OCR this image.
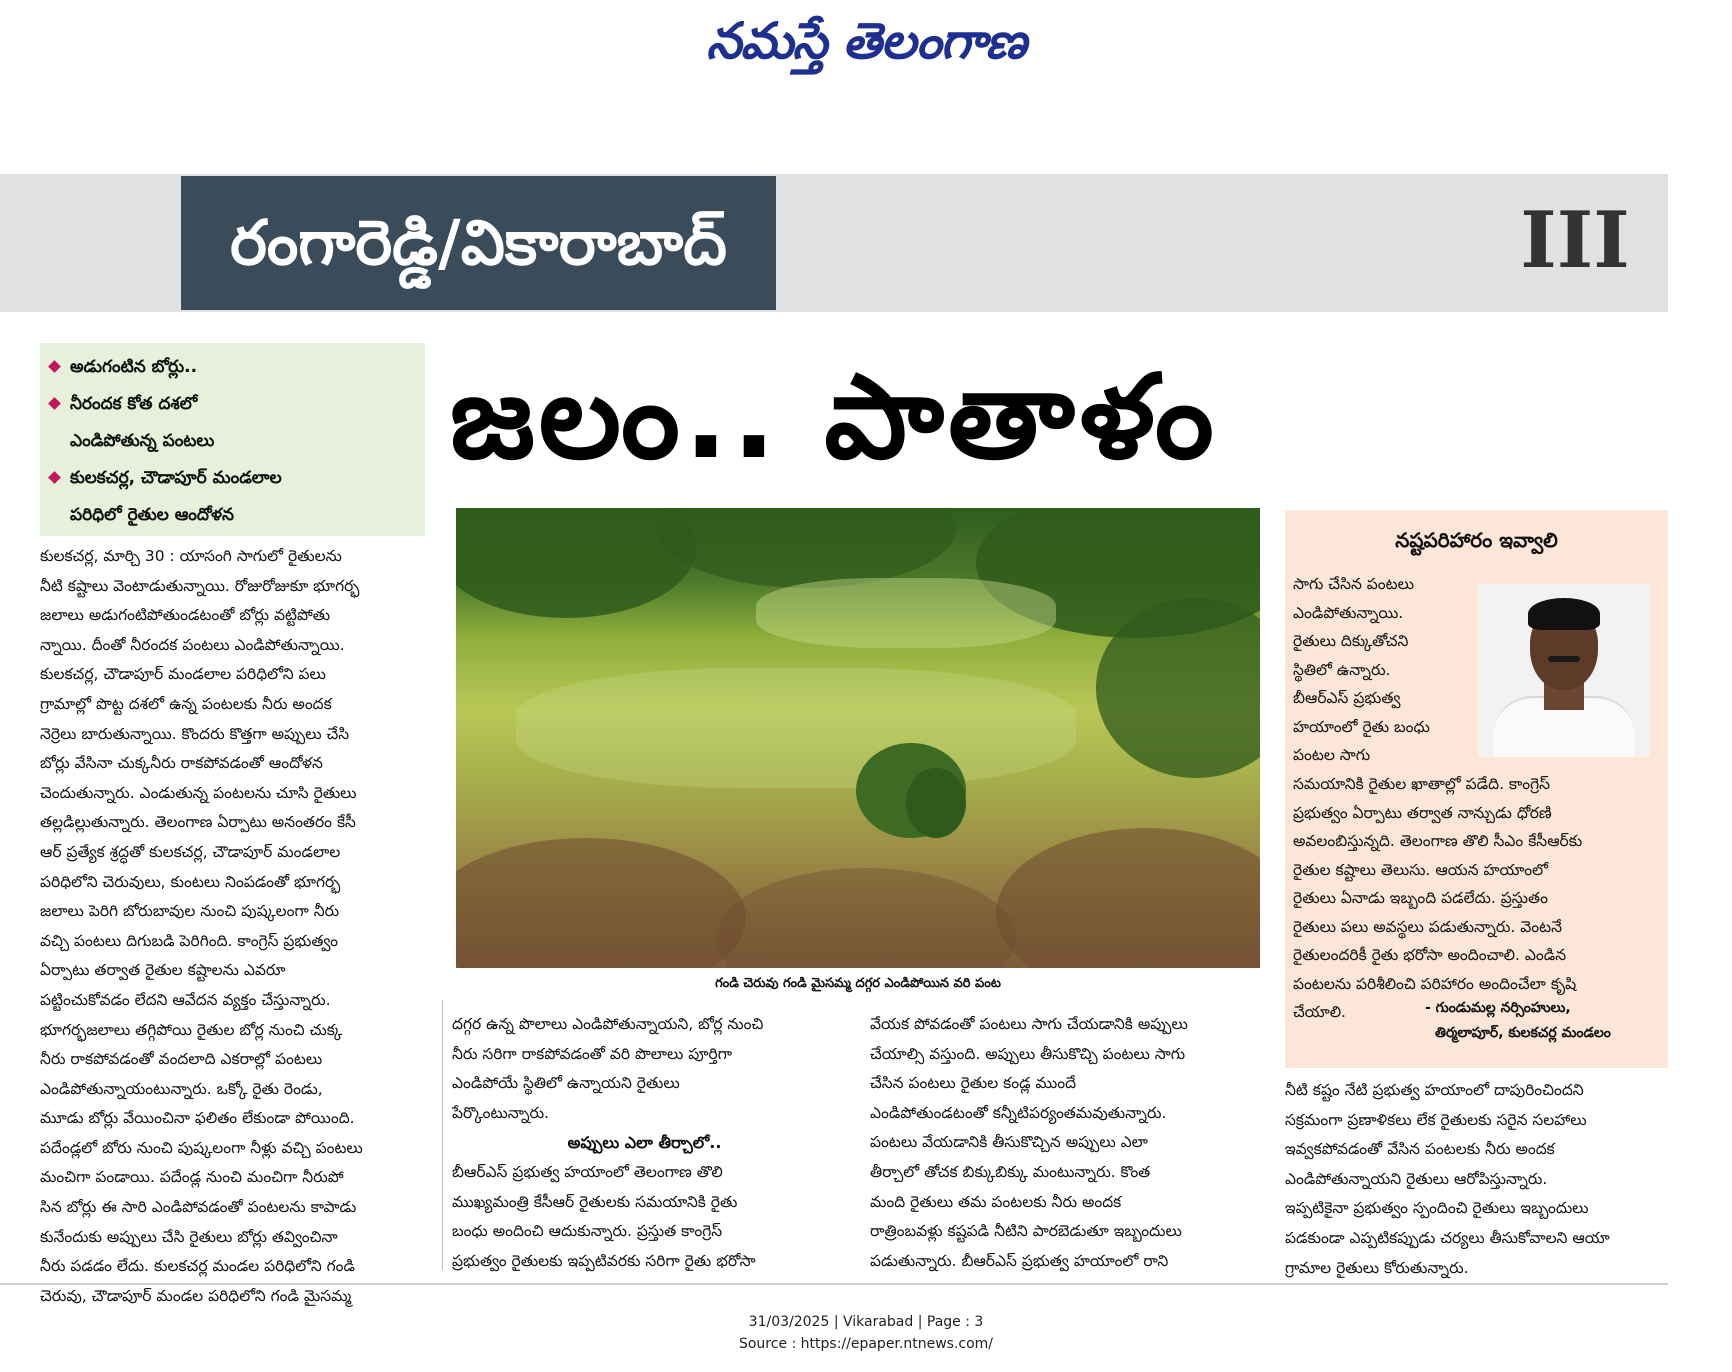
నమస్తే తెలంగాణ
రంగారెడ్డి/వికారాబాద్	III
అడుగంటిన బోర్లు..
నీరందక కోత దశలో
ఎండిపోతున్న పంటలు
కులకచర్ల, చౌడాపూర్ మండలాల
పరిధిలో రైతుల ఆందోళన
జలం.. పాతాళం
గండి చెరువు గండి మైసమ్మ దగ్గర ఎండిపోయిన వరి పంట
నష్టపరిహారం ఇవ్వాలి
సాగు చేసిన పంటలు
ఎండిపోతున్నాయి.
రైతులు దిక్కుతోచని
స్థితిలో ఉన్నారు.
బీఆర్ఎస్ ప్రభుత్వ
హయాంలో రైతు బంధు
పంటల సాగు
సమయానికి రైతుల ఖాతాల్లో పడేది. కాంగ్రెస్
ప్రభుత్వం ఏర్పాటు తర్వాత నాన్చుడు ధోరణి
అవలంబిస్తున్నది. తెలంగాణ తొలి సీఎం కేసీఆర్‌కు
రైతుల కష్టాలు తెలుసు. ఆయన హయాంలో
రైతులు ఏనాడు ఇబ్బంది పడలేదు. ప్రస్తుతం
రైతులు పలు అవస్థలు పడుతున్నారు. వెంటనే
రైతులందరికీ రైతు భరోసా అందించాలి. ఎండిన
పంటలను పరిశీలించి పరిహారం అందించేలా కృషి
చేయాలి.	- గుండుమల్ల నర్సింహులు,
తిర్మలాపూర్, కులకచర్ల మండలం
కులకచర్ల, మార్చి 30 : యాసంగి సాగులో రైతులను
నీటి కష్టాలు వెంటాడుతున్నాయి. రోజురోజుకూ భూగర్భ
జలాలు అడుగంటిపోతుండటంతో బోర్లు వట్టిపోతు
న్నాయి. దీంతో నీరందక పంటలు ఎండిపోతున్నాయి.
కులకచర్ల, చౌడాపూర్ మండలాల పరిధిలోని పలు
గ్రామాల్లో పొట్ట దశలో ఉన్న పంటలకు నీరు అందక
నెర్రెలు బారుతున్నాయి. కొందరు కొత్తగా అప్పులు చేసి
బోర్లు వేసినా చుక్కనీరు రాకపోవడంతో ఆందోళన
చెందుతున్నారు. ఎండుతున్న పంటలను చూసి రైతులు
తల్లడిల్లుతున్నారు. తెలంగాణ ఏర్పాటు అనంతరం కేసీ
ఆర్ ప్రత్యేక శ్రద్ధతో కులకచర్ల, చౌడాపూర్ మండలాల
పరిధిలోని చెరువులు, కుంటలు నింపడంతో భూగర్భ
జలాలు పెరిగి బోరుబావుల నుంచి పుష్కలంగా నీరు
వచ్చి పంటలు దిగుబడి పెరిగింది. కాంగ్రెస్ ప్రభుత్వం
ఏర్పాటు తర్వాత రైతుల కష్టాలను ఎవరూ
పట్టించుకోవడం లేదని ఆవేదన వ్యక్తం చేస్తున్నారు.
భూగర్భజలాలు తగ్గిపోయి రైతుల బోర్ల నుంచి చుక్క
నీరు రాకపోవడంతో వందలాది ఎకరాల్లో పంటలు
ఎండిపోతున్నాయంటున్నారు. ఒక్కో రైతు రెండు,
మూడు బోర్లు వేయించినా ఫలితం లేకుండా పోయింది.
పదేండ్లలో బోరు నుంచి పుష్కలంగా నీళ్లు వచ్చి పంటలు
మంచిగా పండాయి. పదేండ్ల నుంచి మంచిగా నీరుపో
సిన బోర్లు ఈ సారి ఎండిపోవడంతో పంటలను కాపాడు
కునేందుకు అప్పులు చేసి రైతులు బోర్లు తవ్వించినా
నీరు పడడం లేదు. కులకచర్ల మండల పరిధిలోని గండి
చెరువు, చౌడాపూర్ మండల పరిధిలోని గండి మైసమ్మ
దగ్గర ఉన్న పొలాలు ఎండిపోతున్నాయని, బోర్ల నుంచి
నీరు సరిగా రాకపోవడంతో వరి పొలాలు పూర్తిగా
ఎండిపోయే స్థితిలో ఉన్నాయని రైతులు
పేర్కొంటున్నారు.
అప్పులు ఎలా తీర్చాలో..
బీఆర్ఎస్ ప్రభుత్వ హయాంలో తెలంగాణ తొలి
ముఖ్యమంత్రి కేసీఆర్ రైతులకు సమయానికి రైతు
బంధు అందించి ఆదుకున్నారు. ప్రస్తుత కాంగ్రెస్
ప్రభుత్వం రైతులకు ఇప్పటివరకు సరిగా రైతు భరోసా
వేయక పోవడంతో పంటలు సాగు చేయడానికి అప్పులు
చేయాల్సి వస్తుంది. అప్పులు తీసుకొచ్చి పంటలు సాగు
చేసిన పంటలు రైతుల కండ్ల ముందే
ఎండిపోతుండటంతో కన్నీటిపర్యంతమవుతున్నారు.
పంటలు వేయడానికి తీసుకొచ్చిన అప్పులు ఎలా
తీర్చాలో తోచక బిక్కుబిక్కు మంటున్నారు. కొంత
మంది రైతులు తమ పంటలకు నీరు అందక
రాత్రింబవళ్లు కష్టపడి నీటిని పారబెడుతూ ఇబ్బందులు
పడుతున్నారు. బీఆర్ఎస్ ప్రభుత్వ హయాంలో రాని
నీటి కష్టం నేటి ప్రభుత్వ హయాంలో దాపురించిందని
సక్రమంగా ప్రణాళికలు లేక రైతులకు సరైన సలహాలు
ఇవ్వకపోవడంతో వేసిన పంటలకు నీరు అందక
ఎండిపోతున్నాయని రైతులు ఆరోపిస్తున్నారు.
ఇప్పటికైనా ప్రభుత్వం స్పందించి రైతులు ఇబ్బందులు
పడకుండా ఎప్పటికప్పుడు చర్యలు తీసుకోవాలని ఆయా
గ్రామాల రైతులు కోరుతున్నారు.
31/03/2025 | Vikarabad | Page : 3
Source : https://epaper.ntnews.com/
